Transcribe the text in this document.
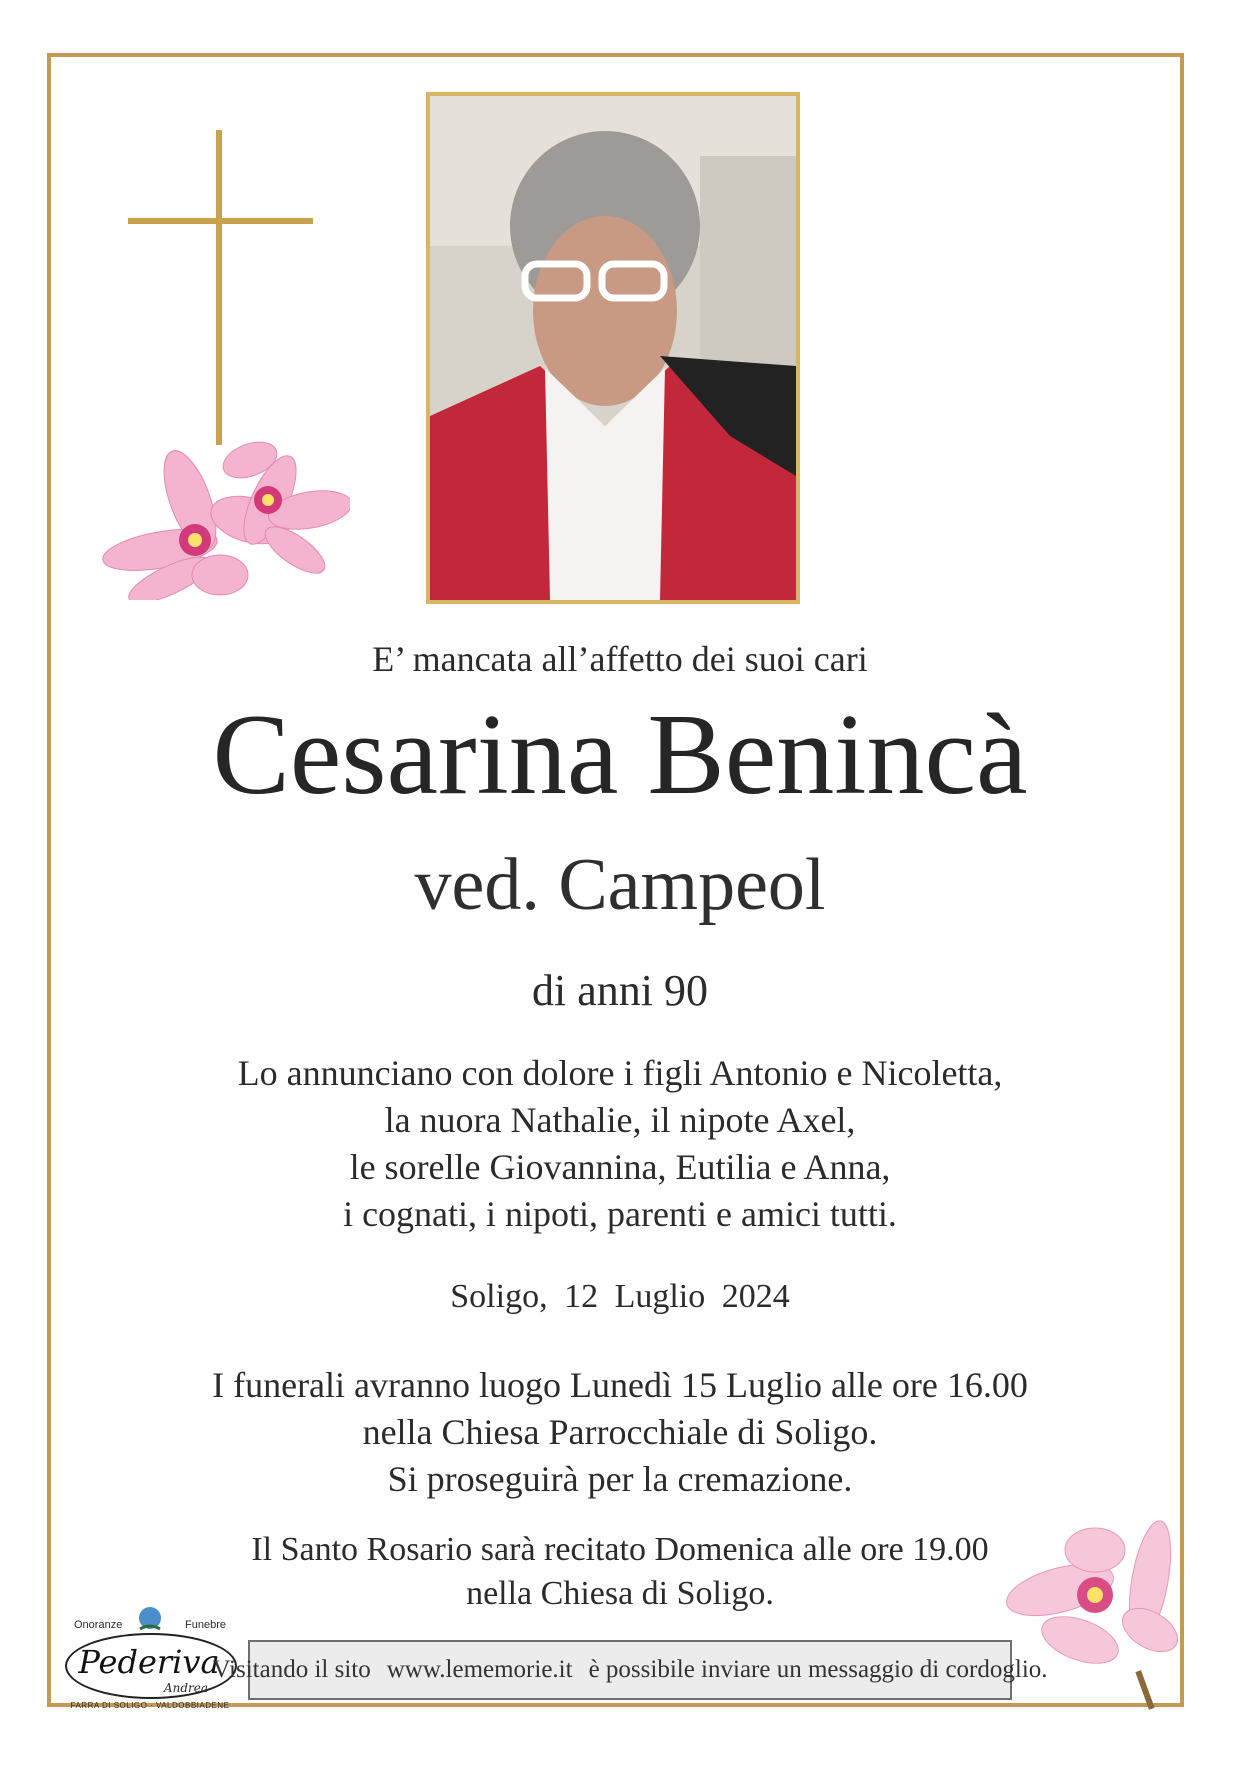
E’ mancata all’affetto dei suoi cari
Cesarina Benincà
ved. Campeol
di anni 90
Lo annunciano con dolore i figli Antonio e Nicoletta,
la nuora Nathalie, il nipote Axel,
le sorelle Giovannina, Eutilia e Anna,
i cognati, i nipoti, parenti e amici tutti.
Soligo, 12 Luglio 2024
I funerali avranno luogo Lunedì 15 Luglio alle ore 16.00
nella Chiesa Parrocchiale di Soligo.
Si proseguirà per la cremazione.
Il Santo Rosario sarà recitato Domenica alle ore 19.00
nella Chiesa di Soligo.
Onoranze	Funebre
Pederiva
Andrea
FARRA DI SOLIGO · VALDOBBIADENE
Visitando il sito www.lememorie.it è possibile inviare un messaggio di cordoglio.
